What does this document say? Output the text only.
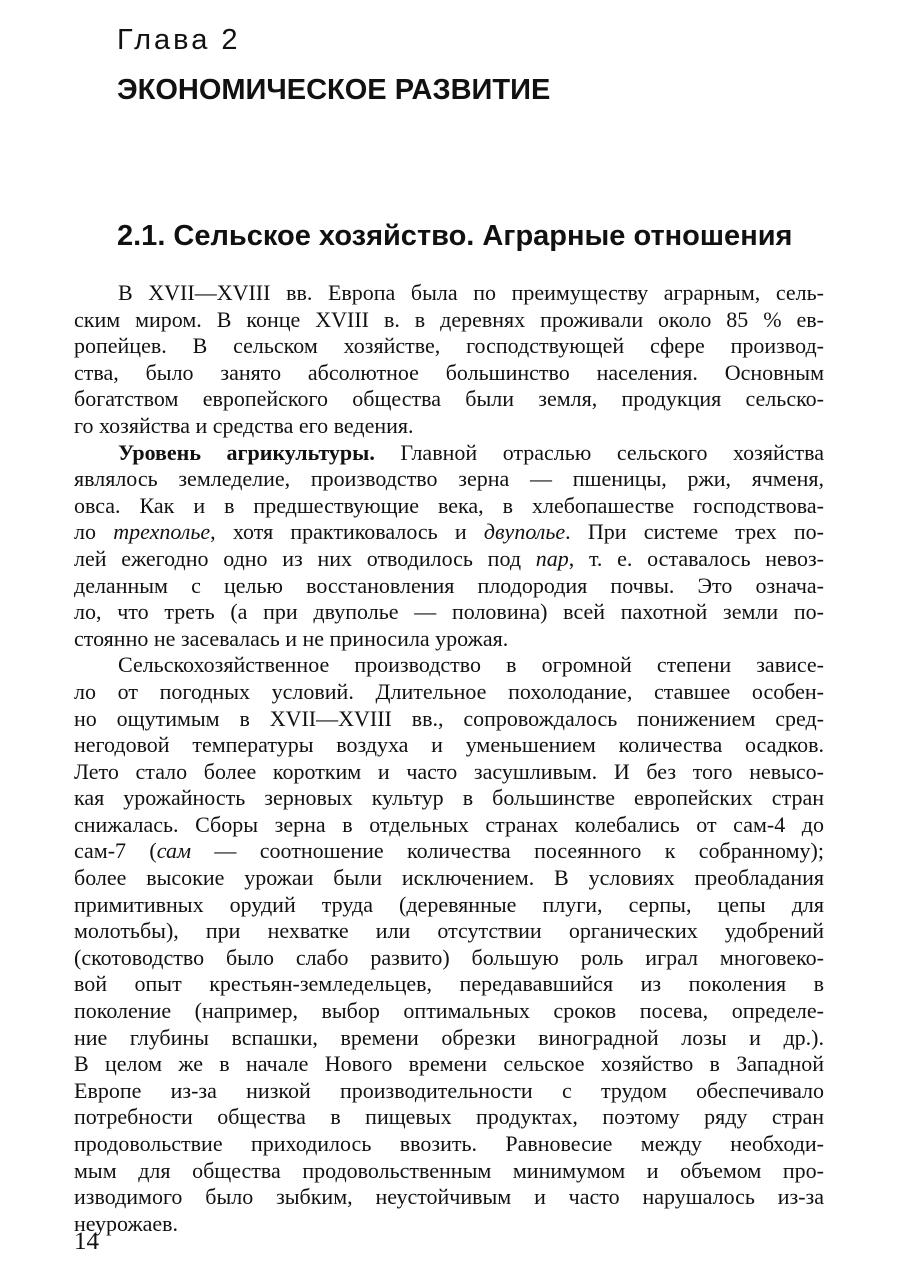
Глава 2
ЭКОНОМИЧЕСКОЕ РАЗВИТИЕ
2.1. Сельское хозяйство. Аграрные отношения
В XVII—XVIII вв. Европа была по преимуществу аграрным, сель-
ским миром. В конце XVIII в. в деревнях проживали около 85 % ев-
ропейцев. В сельском хозяйстве, господствующей сфере производ-
ства, было занято абсолютное большинство населения. Основным
богатством европейского общества были земля, продукция сельско-
го хозяйства и средства его ведения.
Уровень агрикультуры. Главной отраслью сельского хозяйства
являлось земледелие, производство зерна — пшеницы, ржи, ячменя,
овса. Как и в предшествующие века, в хлебопашестве господствова-
ло трехполье, хотя практиковалось и двуполье. При системе трех по-
лей ежегодно одно из них отводилось под пар, т. е. оставалось невоз-
деланным с целью восстановления плодородия почвы. Это означа-
ло, что треть (а при двуполье — половина) всей пахотной земли по-
стоянно не засевалась и не приносила урожая.
Сельскохозяйственное производство в огромной степени зависе-
ло от погодных условий. Длительное похолодание, ставшее особен-
но ощутимым в XVII—XVIII вв., сопровождалось понижением сред-
негодовой температуры воздуха и уменьшением количества осадков.
Лето стало более коротким и часто засушливым. И без того невысо-
кая урожайность зерновых культур в большинстве европейских стран
снижалась. Сборы зерна в отдельных странах колебались от сам-4 до
сам-7 (сам — соотношение количества посеянного к собранному);
более высокие урожаи были исключением. В условиях преобладания
примитивных орудий труда (деревянные плуги, серпы, цепы для
молотьбы), при нехватке или отсутствии органических удобрений
(скотоводство было слабо развито) большую роль играл многовеко-
вой опыт крестьян-земледельцев, передававшийся из поколения в
поколение (например, выбор оптимальных сроков посева, определе-
ние глубины вспашки, времени обрезки виноградной лозы и др.).
В целом же в начале Нового времени сельское хозяйство в Западной
Европе из-за низкой производительности с трудом обеспечивало
потребности общества в пищевых продуктах, поэтому ряду стран
продовольствие приходилось ввозить. Равновесие между необходи-
мым для общества продовольственным минимумом и объемом про-
изводимого было зыбким, неустойчивым и часто нарушалось из-за
неурожаев.
14
